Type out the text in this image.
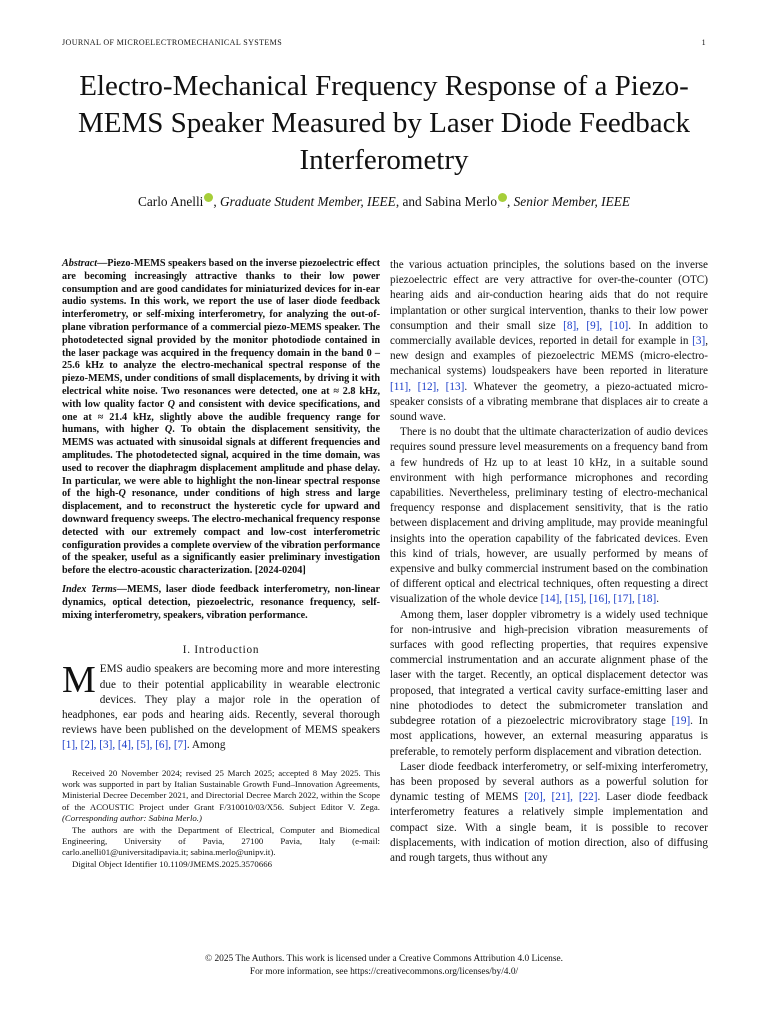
JOURNAL OF MICROELECTROMECHANICAL SYSTEMS	1
Electro-Mechanical Frequency Response of a Piezo-MEMS Speaker Measured by Laser Diode Feedback Interferometry
Carlo Anelli , Graduate Student Member, IEEE, and Sabina Merlo , Senior Member, IEEE

Abstract—Piezo-MEMS speakers based on the inverse piezoelectric effect are becoming increasingly attractive thanks to their low power consumption and are good candidates for miniaturized devices for in-ear audio systems. In this work, we report the use of laser diode feedback interferometry, or self-mixing interferometry, for analyzing the out-of-plane vibration performance of a commercial piezo-MEMS speaker. The photodetected signal provided by the monitor photodiode contained in the laser package was acquired in the frequency domain in the band 0 – 25.6 kHz to analyze the electro-mechanical spectral response of the piezo-MEMS, under conditions of small displacements, by driving it with electrical white noise. Two resonances were detected, one at ≈ 2.8 kHz, with low quality factor Q and consistent with device specifications, and one at ≈ 21.4 kHz, slightly above the audible frequency range for humans, with higher Q. To obtain the displacement sensitivity, the MEMS was actuated with sinusoidal signals at different frequencies and amplitudes. The photodetected signal, acquired in the time domain, was used to recover the diaphragm displacement amplitude and phase delay. In particular, we were able to highlight the non-linear spectral response of the high-Q resonance, under conditions of high stress and large displacement, and to reconstruct the hysteretic cycle for upward and downward frequency sweeps. The electro-mechanical frequency response detected with our extremely compact and low-cost interferometric configuration provides a complete overview of the vibration performance of the speaker, useful as a significantly easier preliminary investigation before the electro-acoustic characterization. [2024-0204]

Index Terms—MEMS, laser diode feedback interferometry, non-linear dynamics, optical detection, piezoelectric, resonance frequency, self-mixing interferometry, speakers, vibration performance.

I. Introduction

MEMS audio speakers are becoming more and more interesting due to their potential applicability in wearable electronic devices. They play a major role in the operation of headphones, ear pods and hearing aids. Recently, several thorough reviews have been published on the development of MEMS speakers [1], [2], [3], [4], [5], [6], [7]. Among

Received 20 November 2024; revised 25 March 2025; accepted 8 May 2025. This work was supported in part by Italian Sustainable Growth Fund–Innovation Agreements, Ministerial Decree December 2021, and Directorial Decree March 2022, within the Scope of the ACOUSTIC Project under Grant F/310010/03/X56. Subject Editor V. Zega. (Corresponding author: Sabina Merlo.)

The authors are with the Department of Electrical, Computer and Biomedical Engineering, University of Pavia, 27100 Pavia, Italy (e-mail: carlo.anelli01@universitadipavia.it; sabina.merlo@unipv.it).

Digital Object Identifier 10.1109/JMEMS.2025.3570666

the various actuation principles, the solutions based on the inverse piezoelectric effect are very attractive for over-the-counter (OTC) hearing aids and air-conduction hearing aids that do not require implantation or other surgical intervention, thanks to their low power consumption and their small size [8], [9], [10]. In addition to commercially available devices, reported in detail for example in [3], new design and examples of piezoelectric MEMS (micro-electro-mechanical systems) loudspeakers have been reported in literature [11], [12], [13]. Whatever the geometry, a piezo-actuated micro-speaker consists of a vibrating membrane that displaces air to create a sound wave.

There is no doubt that the ultimate characterization of audio devices requires sound pressure level measurements on a frequency band from a few hundreds of Hz up to at least 10 kHz, in a suitable sound environment with high performance microphones and recording capabilities. Nevertheless, preliminary testing of electro-mechanical frequency response and displacement sensitivity, that is the ratio between displacement and driving amplitude, may provide meaningful insights into the operation capability of the fabricated devices. Even this kind of trials, however, are usually performed by means of expensive and bulky commercial instrument based on the combination of different optical and electrical techniques, often requesting a direct visualization of the whole device [14], [15], [16], [17], [18].

Among them, laser doppler vibrometry is a widely used technique for non-intrusive and high-precision vibration measurements of surfaces with good reflecting properties, that requires expensive commercial instrumentation and an accurate alignment phase of the laser with the target. Recently, an optical displacement detector was proposed, that integrated a vertical cavity surface-emitting laser and nine photodiodes to detect the submicrometer translation and subdegree rotation of a piezoelectric microvibratory stage [19]. In most applications, however, an external measuring apparatus is preferable, to remotely perform displacement and vibration detection.

Laser diode feedback interferometry, or self-mixing interferometry, has been proposed by several authors as a powerful solution for dynamic testing of MEMS [20], [21], [22]. Laser diode feedback interferometry features a relatively simple implementation and compact size. With a single beam, it is possible to recover displacements, with indication of motion direction, also of diffusing and rough targets, thus without any

© 2025 The Authors. This work is licensed under a Creative Commons Attribution 4.0 License.
For more information, see https://creativecommons.org/licenses/by/4.0/
